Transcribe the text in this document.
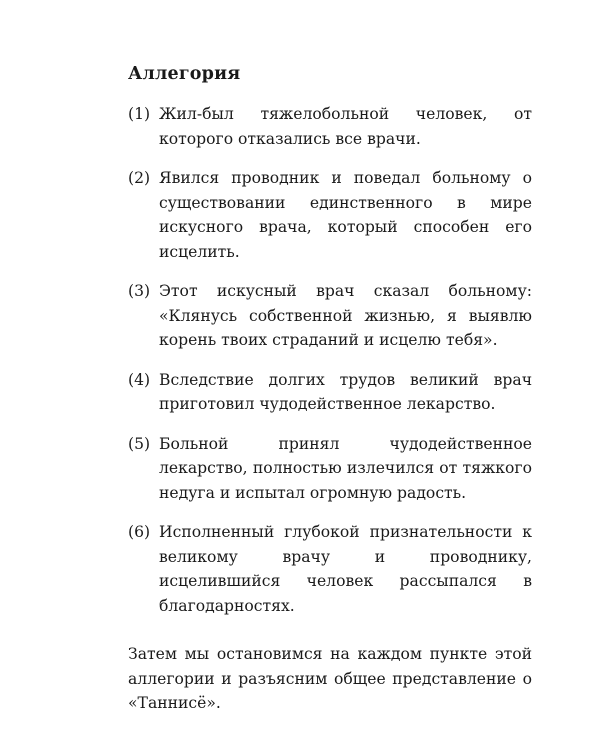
Аллегория
(1) Жил-был тяжелобольной человек, от которого отказались все врачи.
(2) Явился проводник и поведал больному о существовании единственного в мире искусного врача, который способен его исцелить.
(3) Этот искусный врач сказал больному: «Клянусь собственной жизнью, я выявлю корень твоих страданий и исцелю тебя».
(4) Вследствие долгих трудов великий врач приготовил чудодейственное лекарство.
(5) Больной принял чудодейственное лекарство, полностью излечился от тяжкого недуга и испытал огромную радость.
(6) Исполненный глубокой признательности к великому врачу и проводнику, исцелившийся человек рассыпался в благодарностях.

Затем мы остановимся на каждом пункте этой аллегории и разъясним общее представление о «Таннисё».
